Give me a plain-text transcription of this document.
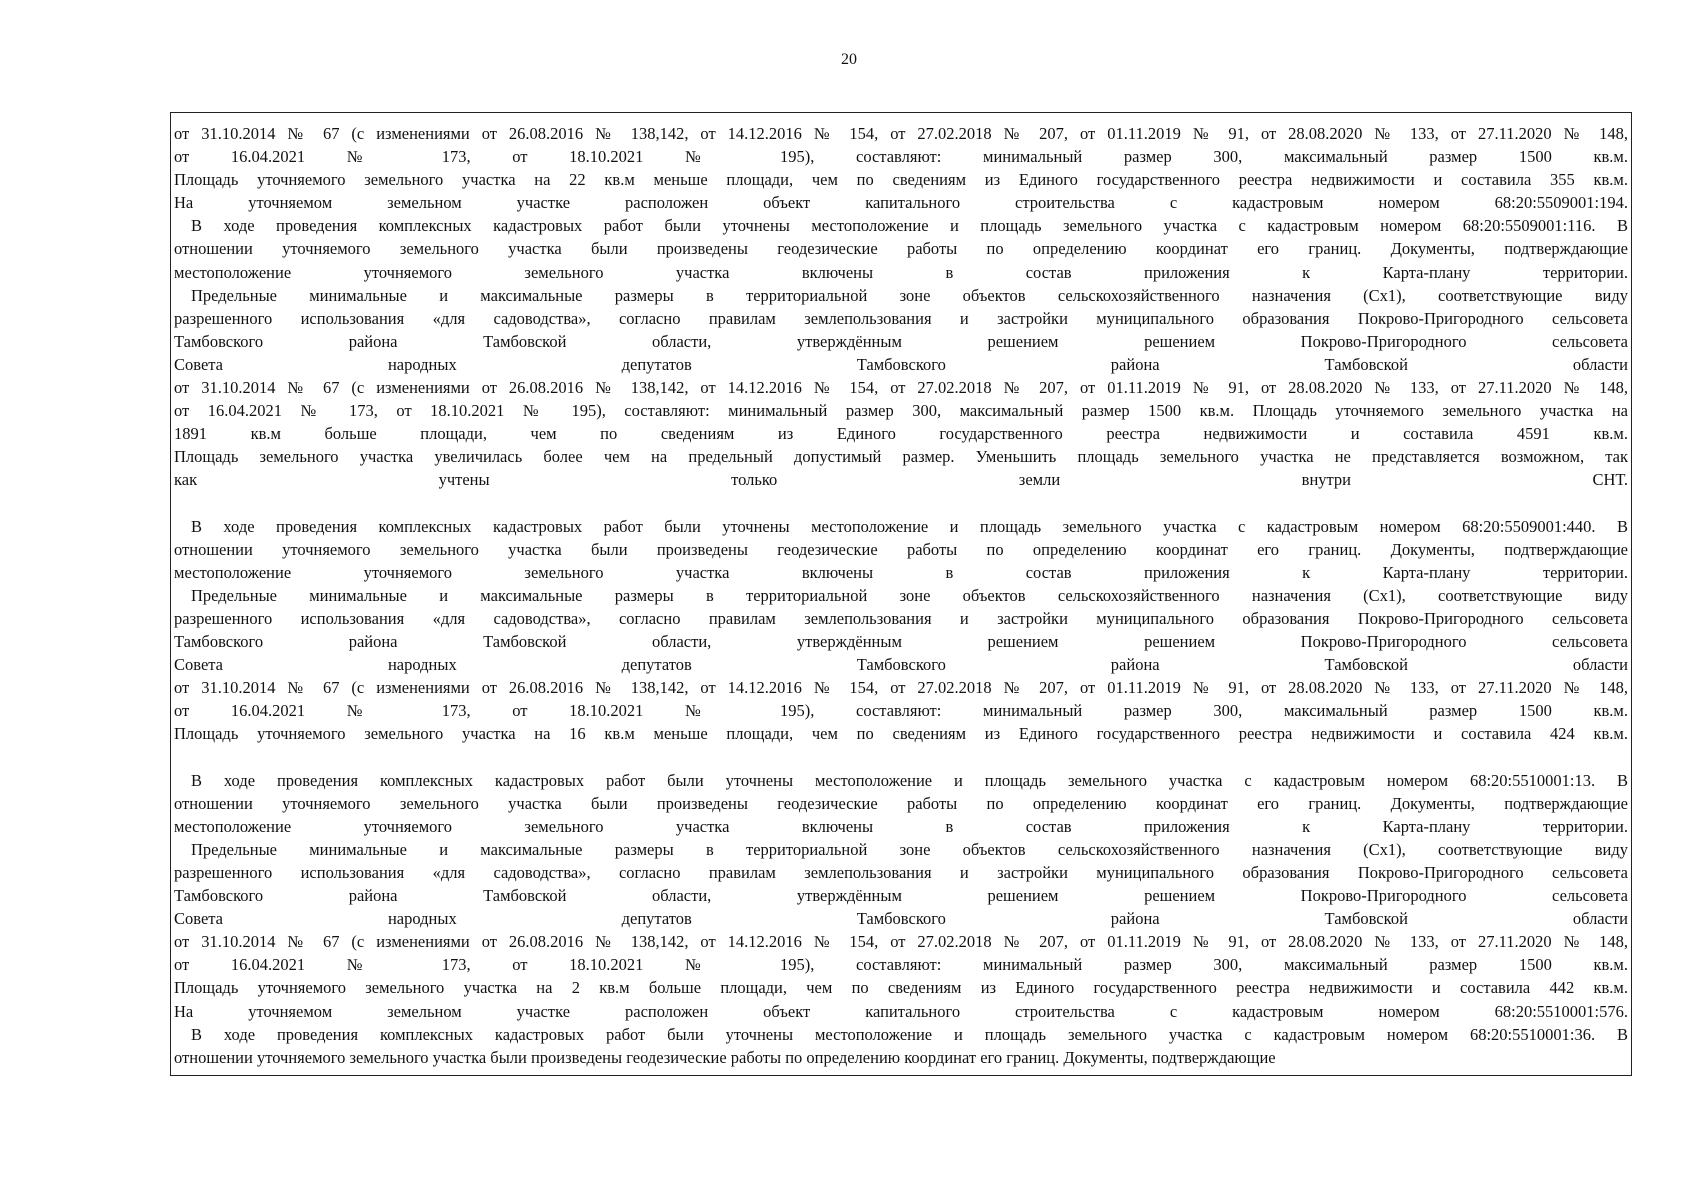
20
от 31.10.2014 № 67 (с изменениями от 26.08.2016 № 138,142, от 14.12.2016 № 154, от 27.02.2018 № 207, от 01.11.2019 № 91, от 28.08.2020 № 133, от 27.11.2020 № 148,
от 16.04.2021 № 173, от 18.10.2021 № 195), составляют: минимальный размер 300, максимальный размер 1500 кв.м.
Площадь уточняемого земельного участка на 22 кв.м меньше площади, чем по сведениям из Единого государственного реестра недвижимости и составила 355 кв.м.
На уточняемом земельном участке расположен объект капитального строительства с кадастровым номером 68:20:5509001:194.
В ходе проведения комплексных кадастровых работ были уточнены местоположение и площадь земельного участка с кадастровым номером 68:20:5509001:116. В
отношении уточняемого земельного участка были произведены геодезические работы по определению координат его границ. Документы, подтверждающие
местоположение уточняемого земельного участка включены в состав приложения к Карта-плану территории.
Предельные минимальные и максимальные размеры в территориальной зоне объектов сельскохозяйственного назначения (Сх1), соответствующие виду
разрешенного использования «для садоводства», согласно правилам землепользования и застройки муниципального образования Покрово-Пригородного сельсовета
Тамбовского района Тамбовской области, утверждённым решением решением Покрово-Пригородного сельсовета
Совета народных депутатов Тамбовского района Тамбовской области
от 31.10.2014 № 67 (с изменениями от 26.08.2016 № 138,142, от 14.12.2016 № 154, от 27.02.2018 № 207, от 01.11.2019 № 91, от 28.08.2020 № 133, от 27.11.2020 № 148,
от 16.04.2021 № 173, от 18.10.2021 № 195), составляют: минимальный размер 300, максимальный размер 1500 кв.м. Площадь уточняемого земельного участка на
1891 кв.м больше площади, чем по сведениям из Единого государственного реестра недвижимости и составила 4591 кв.м.
Площадь земельного участка увеличилась более чем на предельный допустимый размер. Уменьшить площадь земельного участка не представляется возможном, так
как учтены только земли внутри СНТ.
В ходе проведения комплексных кадастровых работ были уточнены местоположение и площадь земельного участка с кадастровым номером 68:20:5509001:440. В
отношении уточняемого земельного участка были произведены геодезические работы по определению координат его границ. Документы, подтверждающие
местоположение уточняемого земельного участка включены в состав приложения к Карта-плану территории.
Предельные минимальные и максимальные размеры в территориальной зоне объектов сельскохозяйственного назначения (Сх1), соответствующие виду
разрешенного использования «для садоводства», согласно правилам землепользования и застройки муниципального образования Покрово-Пригородного сельсовета
Тамбовского района Тамбовской области, утверждённым решением решением Покрово-Пригородного сельсовета
Совета народных депутатов Тамбовского района Тамбовской области
от 31.10.2014 № 67 (с изменениями от 26.08.2016 № 138,142, от 14.12.2016 № 154, от 27.02.2018 № 207, от 01.11.2019 № 91, от 28.08.2020 № 133, от 27.11.2020 № 148,
от 16.04.2021 № 173, от 18.10.2021 № 195), составляют: минимальный размер 300, максимальный размер 1500 кв.м.
Площадь уточняемого земельного участка на 16 кв.м меньше площади, чем по сведениям из Единого государственного реестра недвижимости и составила 424 кв.м.
В ходе проведения комплексных кадастровых работ были уточнены местоположение и площадь земельного участка с кадастровым номером 68:20:5510001:13. В
отношении уточняемого земельного участка были произведены геодезические работы по определению координат его границ. Документы, подтверждающие
местоположение уточняемого земельного участка включены в состав приложения к Карта-плану территории.
Предельные минимальные и максимальные размеры в территориальной зоне объектов сельскохозяйственного назначения (Сх1), соответствующие виду
разрешенного использования «для садоводства», согласно правилам землепользования и застройки муниципального образования Покрово-Пригородного сельсовета
Тамбовского района Тамбовской области, утверждённым решением решением Покрово-Пригородного сельсовета
Совета народных депутатов Тамбовского района Тамбовской области
от 31.10.2014 № 67 (с изменениями от 26.08.2016 № 138,142, от 14.12.2016 № 154, от 27.02.2018 № 207, от 01.11.2019 № 91, от 28.08.2020 № 133, от 27.11.2020 № 148,
от 16.04.2021 № 173, от 18.10.2021 № 195), составляют: минимальный размер 300, максимальный размер 1500 кв.м.
Площадь уточняемого земельного участка на 2 кв.м больше площади, чем по сведениям из Единого государственного реестра недвижимости и составила 442 кв.м.
На уточняемом земельном участке расположен объект капитального строительства с кадастровым номером 68:20:5510001:576.
В ходе проведения комплексных кадастровых работ были уточнены местоположение и площадь земельного участка с кадастровым номером 68:20:5510001:36. В
отношении уточняемого земельного участка были произведены геодезические работы по определению координат его границ. Документы, подтверждающие
